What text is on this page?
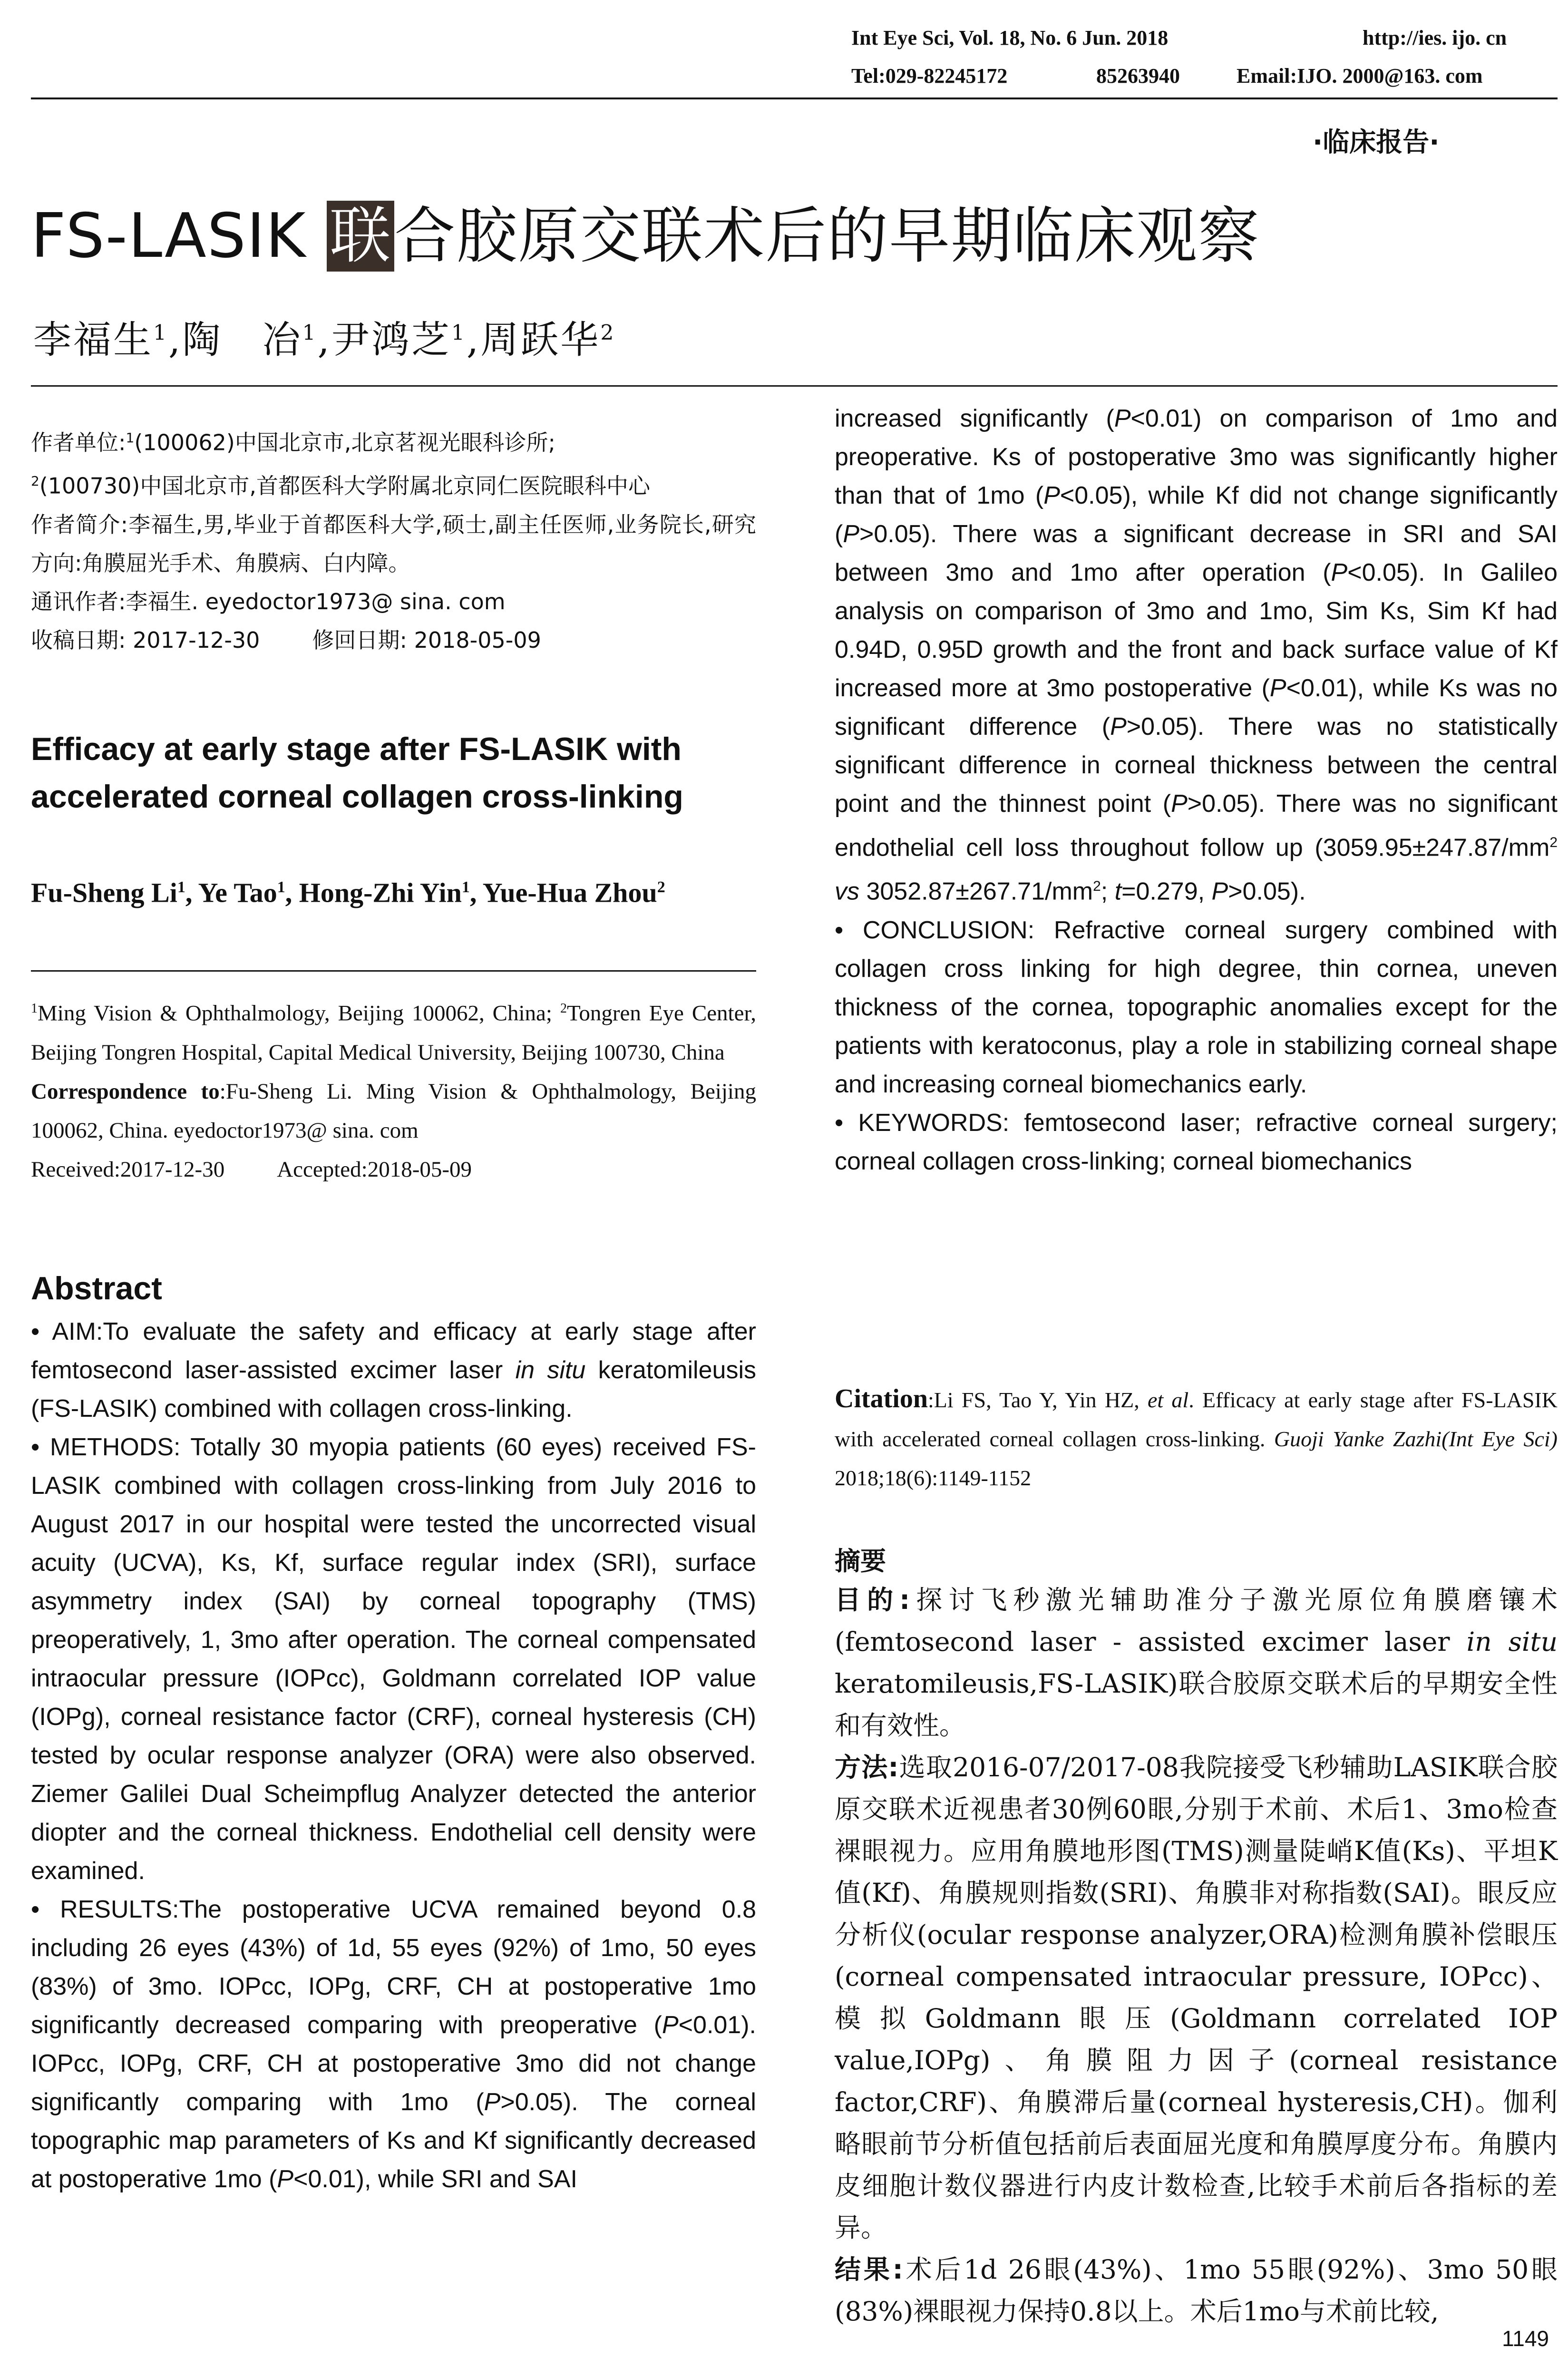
Int Eye Sci, Vol. 18, No. 6 Jun. 2018	http://ies. ijo. cn
Tel:029-82245172	85263940	Email:IJO. 2000@163. com
·临床报告·
FS-LASIK 联合胶原交联术后的早期临床观察
李福生$^1$,陶　冶$^1$,尹鸿芝$^1$,周跃华$^2$
作者单位:$^1$(100062)中国北京市,北京茗视光眼科诊所;
$^2$(100730)中国北京市,首都医科大学附属北京同仁医院眼科中心
作者简介:李福生,男,毕业于首都医科大学,硕士,副主任医师,业务院长,研究方向:角膜屈光手术、角膜病、白内障。
通讯作者:李福生. eyedoctor1973@ sina. com
收稿日期: 2017-12-30 修回日期: 2018-05-09
Efficacy at early stage after FS-LASIK with accelerated corneal collagen cross-linking
Fu-Sheng Li$^1$, Ye Tao$^1$, Hong-Zhi Yin$^1$, Yue-Hua Zhou$^2$
$^1$Ming Vision & Ophthalmology, Beijing 100062, China; $^2$Tongren Eye Center, Beijing Tongren Hospital, Capital Medical University, Beijing 100730, China
Correspondence to:Fu-Sheng Li. Ming Vision & Ophthalmology, Beijing 100062, China. eyedoctor1973@ sina. com
Received:2017-12-30 Accepted:2018-05-09
Abstract

• AIM:To evaluate the safety and efficacy at early stage after femtosecond laser-assisted excimer laser in situ keratomileusis (FS-LASIK) combined with collagen cross-linking.

• METHODS: Totally 30 myopia patients (60 eyes) received FS-LASIK combined with collagen cross-linking from July 2016 to August 2017 in our hospital were tested the uncorrected visual acuity (UCVA), Ks, Kf, surface regular index (SRI), surface asymmetry index (SAI) by corneal topography (TMS) preoperatively, 1, 3mo after operation. The corneal compensated intraocular pressure (IOPcc), Goldmann correlated IOP value (IOPg), corneal resistance factor (CRF), corneal hysteresis (CH) tested by ocular response analyzer (ORA) were also observed. Ziemer Galilei Dual Scheimpflug Analyzer detected the anterior diopter and the corneal thickness. Endothelial cell density were examined.

• RESULTS:The postoperative UCVA remained beyond 0.8 including 26 eyes (43%) of 1d, 55 eyes (92%) of 1mo, 50 eyes (83%) of 3mo. IOPcc, IOPg, CRF, CH at postoperative 1mo significantly decreased comparing with preoperative (P<0.01). IOPcc, IOPg, CRF, CH at postoperative 3mo did not change significantly comparing with 1mo (P>0.05). The corneal topographic map parameters of Ks and Kf significantly decreased at postoperative 1mo (P<0.01), while SRI and SAI

increased significantly (P<0.01) on comparison of 1mo and preoperative. Ks of postoperative 3mo was significantly higher than that of 1mo (P<0.05), while Kf did not change significantly (P>0.05). There was a significant decrease in SRI and SAI between 3mo and 1mo after operation (P<0.05). In Galileo analysis on comparison of 3mo and 1mo, Sim Ks, Sim Kf had 0.94D, 0.95D growth and the front and back surface value of Kf increased more at 3mo postoperative (P<0.01), while Ks was no significant difference (P>0.05). There was no statistically significant difference in corneal thickness between the central point and the thinnest point (P>0.05). There was no significant endothelial cell loss throughout follow up ($3059.95\pm 247.87/mm^2$ vs $3052.87\pm 267.71/mm^2$; t=0.279, P>0.05).

• CONCLUSION: Refractive corneal surgery combined with collagen cross linking for high degree, thin cornea, uneven thickness of the cornea, topographic anomalies except for the patients with keratoconus, play a role in stabilizing corneal shape and increasing corneal biomechanics early.

• KEYWORDS: femtosecond laser; refractive corneal surgery; corneal collagen cross-linking; corneal biomechanics

Citation:Li FS, Tao Y, Yin HZ, et al. Efficacy at early stage after FS-LASIK with accelerated corneal collagen cross-linking. Guoji Yanke Zazhi(Int Eye Sci) 2018;18(6):1149-1152
摘要

目的:探讨飞秒激光辅助准分子激光原位角膜磨镶术(femtosecond laser - assisted excimer laser in situ keratomileusis,FS-LASIK)联合胶原交联术后的早期安全性和有效性。

方法:选取2016-07/2017-08我院接受飞秒辅助LASIK联合胶原交联术近视患者30例60眼,分别于术前、术后1、3mo检查裸眼视力。应用角膜地形图(TMS)测量陡峭K值(Ks)、平坦K值(Kf)、角膜规则指数(SRI)、角膜非对称指数(SAI)。眼反应分析仪(ocular response analyzer,ORA)检测角膜补偿眼压(corneal compensated intraocular pressure, IOPcc)、模拟Goldmann眼压(Goldmann correlated IOP value,IOPg)、角膜阻力因子(corneal resistance factor,CRF)、角膜滞后量(corneal hysteresis,CH)。伽利略眼前节分析值包括前后表面屈光度和角膜厚度分布。角膜内皮细胞计数仪器进行内皮计数检查,比较手术前后各指标的差异。

结果:术后1d 26眼(43%)、1mo 55眼(92%)、3mo 50眼(83%)裸眼视力保持0.8以上。术后1mo与术前比较,

1149
